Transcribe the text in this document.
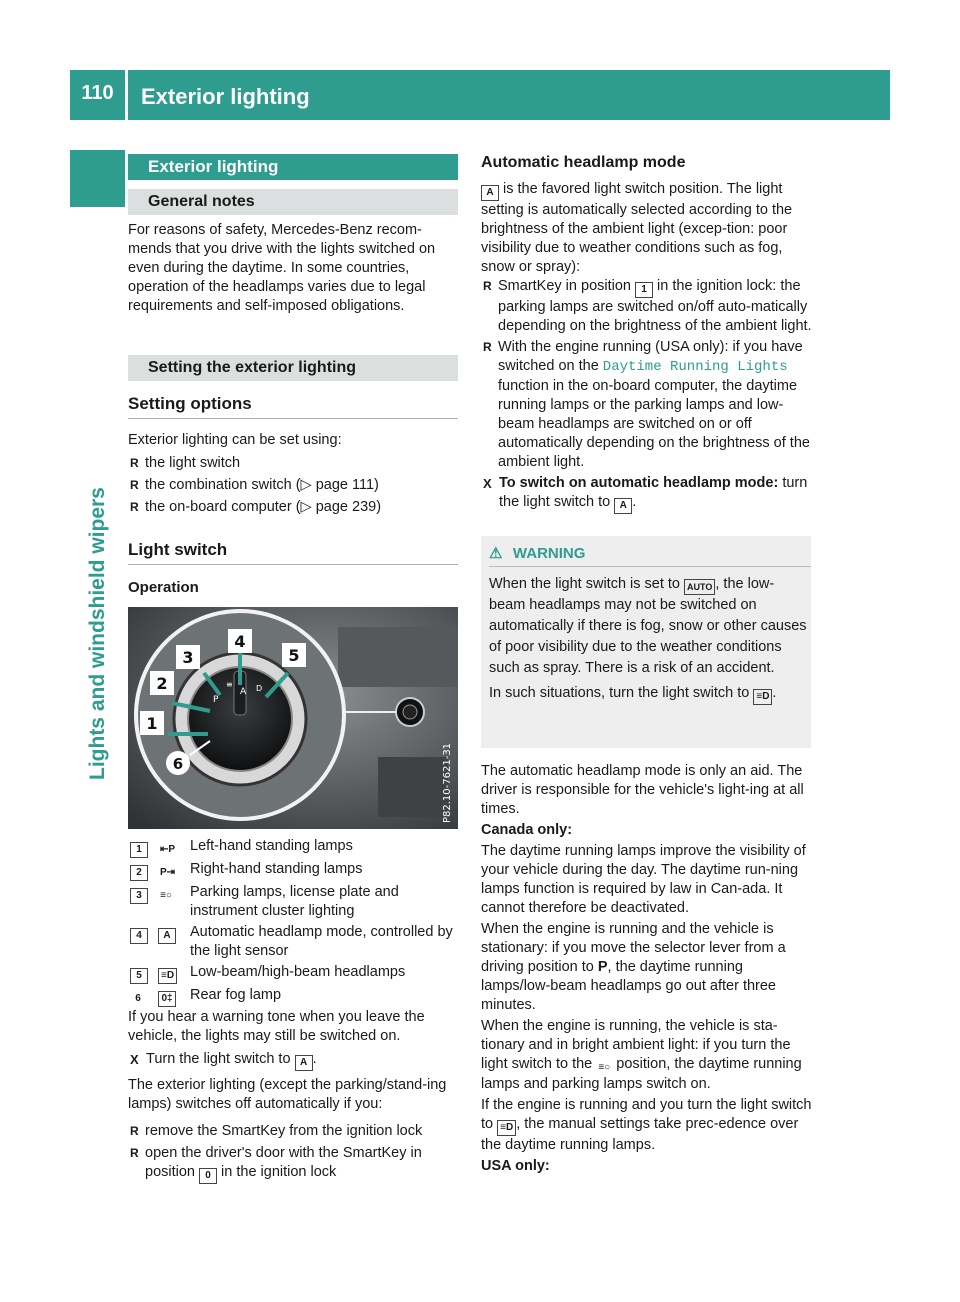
110	Exterior lighting
Lights and windshield wipers
Exterior lighting
General notes

For reasons of safety, Mercedes-Benz recom-mends that you drive with the lights switched on even during the daytime. In some countries, operation of the headlamps varies due to legal requirements and self-imposed obligations.

Setting the exterior lighting
Setting options

Exterior lighting can be set using:

R the light switch
R the combination switch (▷ page 111)
R the on-board computer (▷ page 239)
Light switch
Operation
P
A
≡	D
1
2
3
4
5
6	P82.10-7621-31
1	⇤P	Left-hand standing lamps
2	P⇥	Right-hand standing lamps
3	≡○	Parking lamps, license plate and instrument cluster lighting
4	A	Automatic headlamp mode, controlled by the light sensor
5	≡D	Low-beam/high-beam headlamps
6	0‡	Rear fog lamp

If you hear a warning tone when you leave the vehicle, the lights may still be switched on.

X Turn the light switch to A .

The exterior lighting (except the parking/stand-ing lamps) switches off automatically if you:

R remove the SmartKey from the ignition lock
R open the driver's door with the SmartKey in position 0 in the ignition lock
Automatic headlamp mode

A is the favored light switch position. The light setting is automatically selected according to the brightness of the ambient light (excep-tion: poor visibility due to weather conditions such as fog, snow or spray):

R SmartKey in position 1 in the ignition lock: the parking lamps are switched on/off auto-matically depending on the brightness of the ambient light.
R With the engine running (USA only): if you have switched on the Daytime Running Lights function in the on-board computer, the daytime running lamps or the parking lamps and low-beam headlamps are switched on or off automatically depending on the brightness of the ambient light.
X To switch on automatic headlamp mode: turn the light switch to A .
⚠ WARNING

When the light switch is set to AUTO , the low-beam headlamps may not be switched on automatically if there is fog, snow or other causes of poor visibility due to the weather conditions such as spray. There is a risk of an accident.

In such situations, turn the light switch to ≡D .

The automatic headlamp mode is only an aid. The driver is responsible for the vehicle's light-ing at all times.

Canada only:

The daytime running lamps improve the visibility of your vehicle during the day. The daytime run-ning lamps function is required by law in Can-ada. It cannot therefore be deactivated.

When the engine is running and the vehicle is stationary: if you move the selector lever from a driving position to P, the daytime running lamps/low-beam headlamps go out after three minutes.

When the engine is running, the vehicle is sta-tionary and in bright ambient light: if you turn the light switch to the ≡○ position, the daytime running lamps and parking lamps switch on.

If the engine is running and you turn the light switch to ≡D , the manual settings take prec-edence over the daytime running lamps.

USA only:
